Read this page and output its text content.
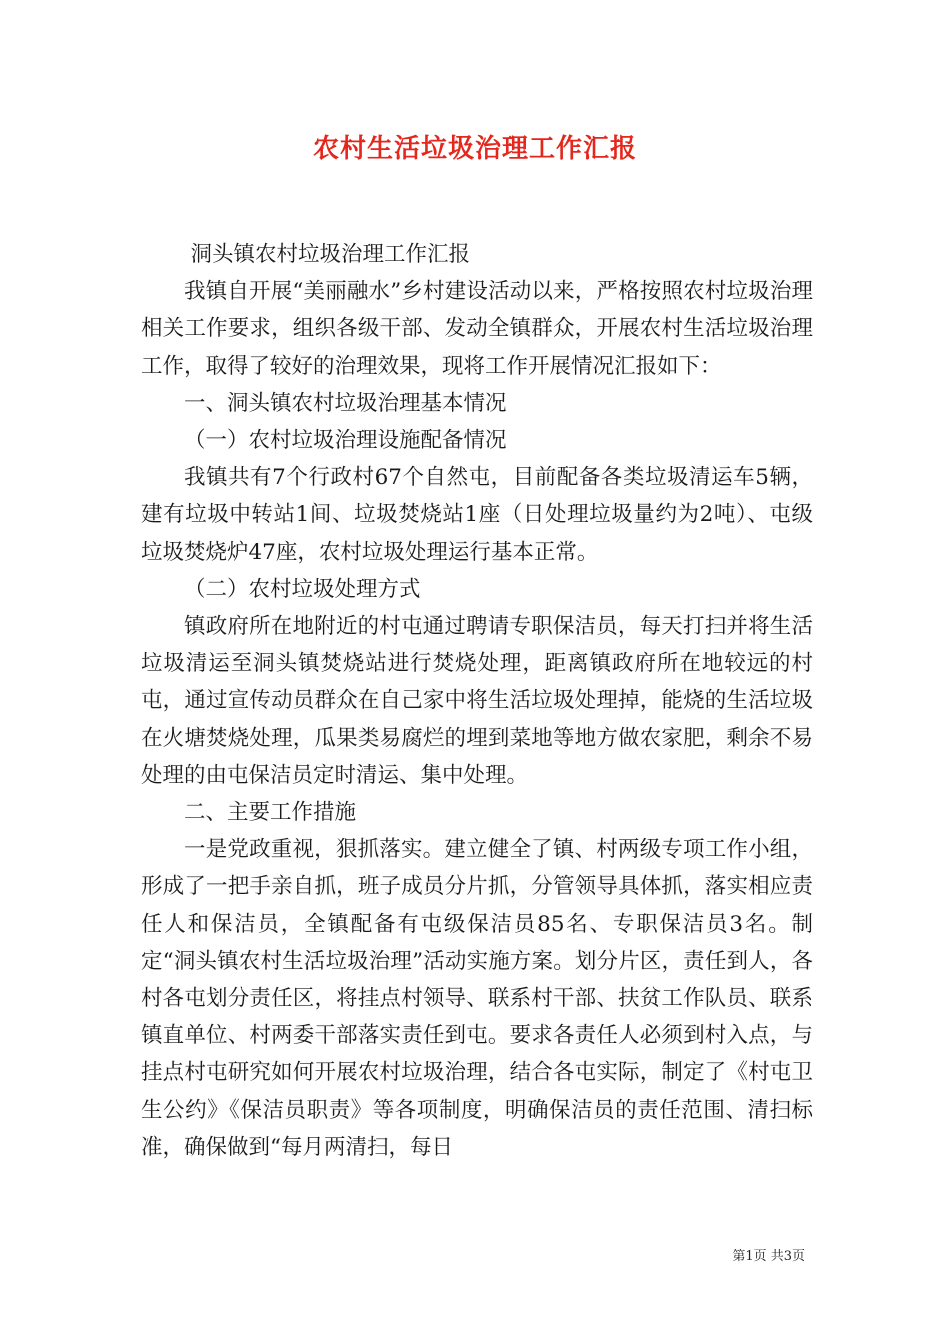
农村生活垃圾治理工作汇报

洞头镇农村垃圾治理工作汇报

我镇自开展“美丽融水”乡村建设活动以来，严格按照农村垃圾治理相关工作要求，组织各级干部、发动全镇群众，开展农村生活垃圾治理工作，取得了较好的治理效果，现将工作开展情况汇报如下：

一、洞头镇农村垃圾治理基本情况

（一）农村垃圾治理设施配备情况

我镇共有7个行政村67个自然屯，目前配备各类垃圾清运车5辆，建有垃圾中转站1间、垃圾焚烧站1座（日处理垃圾量约为2吨）、屯级垃圾焚烧炉47座，农村垃圾处理运行基本正常。

（二）农村垃圾处理方式

镇政府所在地附近的村屯通过聘请专职保洁员，每天打扫并将生活垃圾清运至洞头镇焚烧站进行焚烧处理，距离镇政府所在地较远的村屯，通过宣传动员群众在自己家中将生活垃圾处理掉，能烧的生活垃圾在火塘焚烧处理，瓜果类易腐烂的埋到菜地等地方做农家肥，剩余不易处理的由屯保洁员定时清运、集中处理。

二、主要工作措施

一是党政重视，狠抓落实。建立健全了镇、村两级专项工作小组，形成了一把手亲自抓，班子成员分片抓，分管领导具体抓，落实相应责任人和保洁员，全镇配备有屯级保洁员85名、专职保洁员3名。制定“洞头镇农村生活垃圾治理”活动实施方案。划分片区，责任到人，各村各屯划分责任区，将挂点村领导、联系村干部、扶贫工作队员、联系镇直单位、村两委干部落实责任到屯。要求各责任人必须到村入点，与挂点村屯研究如何开展农村垃圾治理，结合各屯实际，制定了《村屯卫生公约》《保洁员职责》等各项制度，明确保洁员的责任范围、清扫标准，确保做到“每月两清扫，每日

第1页 共3页
